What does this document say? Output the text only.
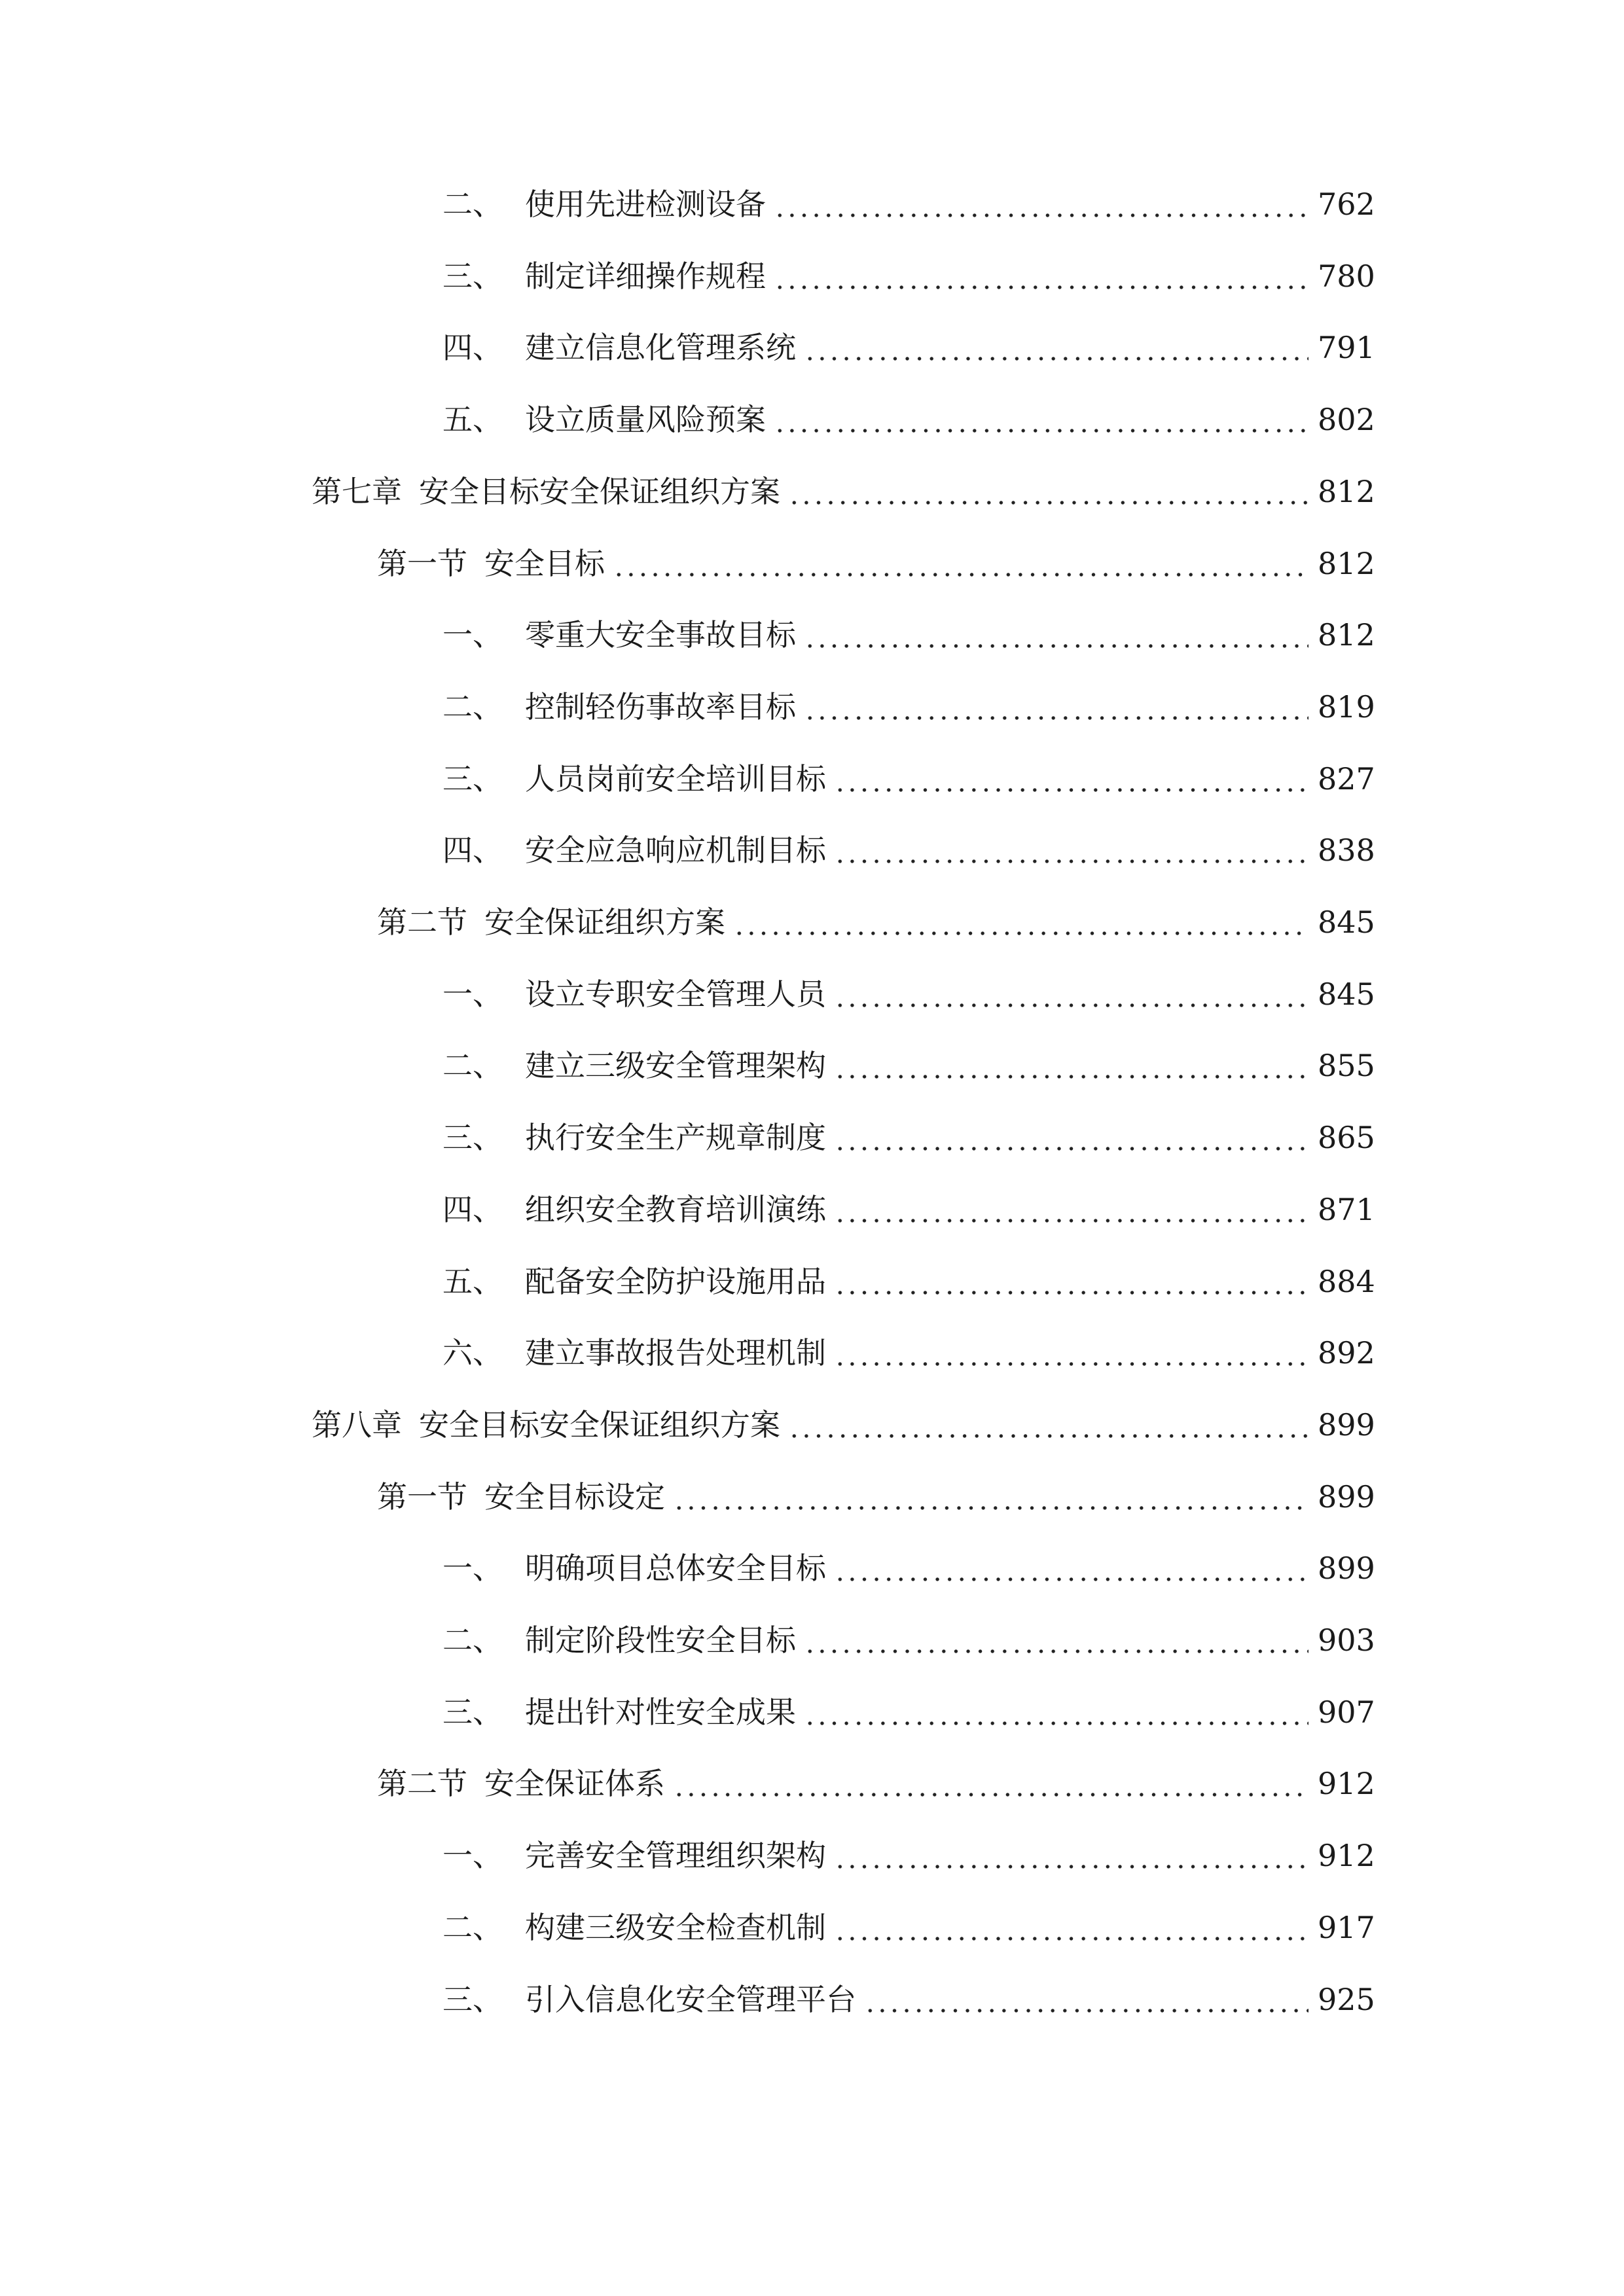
二、 使用先进检测设备	762
三、 制定详细操作规程	780
四、 建立信息化管理系统	791
五、 设立质量风险预案	802
第七章 安全目标安全保证组织方案	812
第一节 安全目标	812
一、 零重大安全事故目标	812
二、 控制轻伤事故率目标	819
三、 人员岗前安全培训目标	827
四、 安全应急响应机制目标	838
第二节 安全保证组织方案	845
一、 设立专职安全管理人员	845
二、 建立三级安全管理架构	855
三、 执行安全生产规章制度	865
四、 组织安全教育培训演练	871
五、 配备安全防护设施用品	884
六、 建立事故报告处理机制	892
第八章 安全目标安全保证组织方案	899
第一节 安全目标设定	899
一、 明确项目总体安全目标	899
二、 制定阶段性安全目标	903
三、 提出针对性安全成果	907
第二节 安全保证体系	912
一、 完善安全管理组织架构	912
二、 构建三级安全检查机制	917
三、 引入信息化安全管理平台	925
